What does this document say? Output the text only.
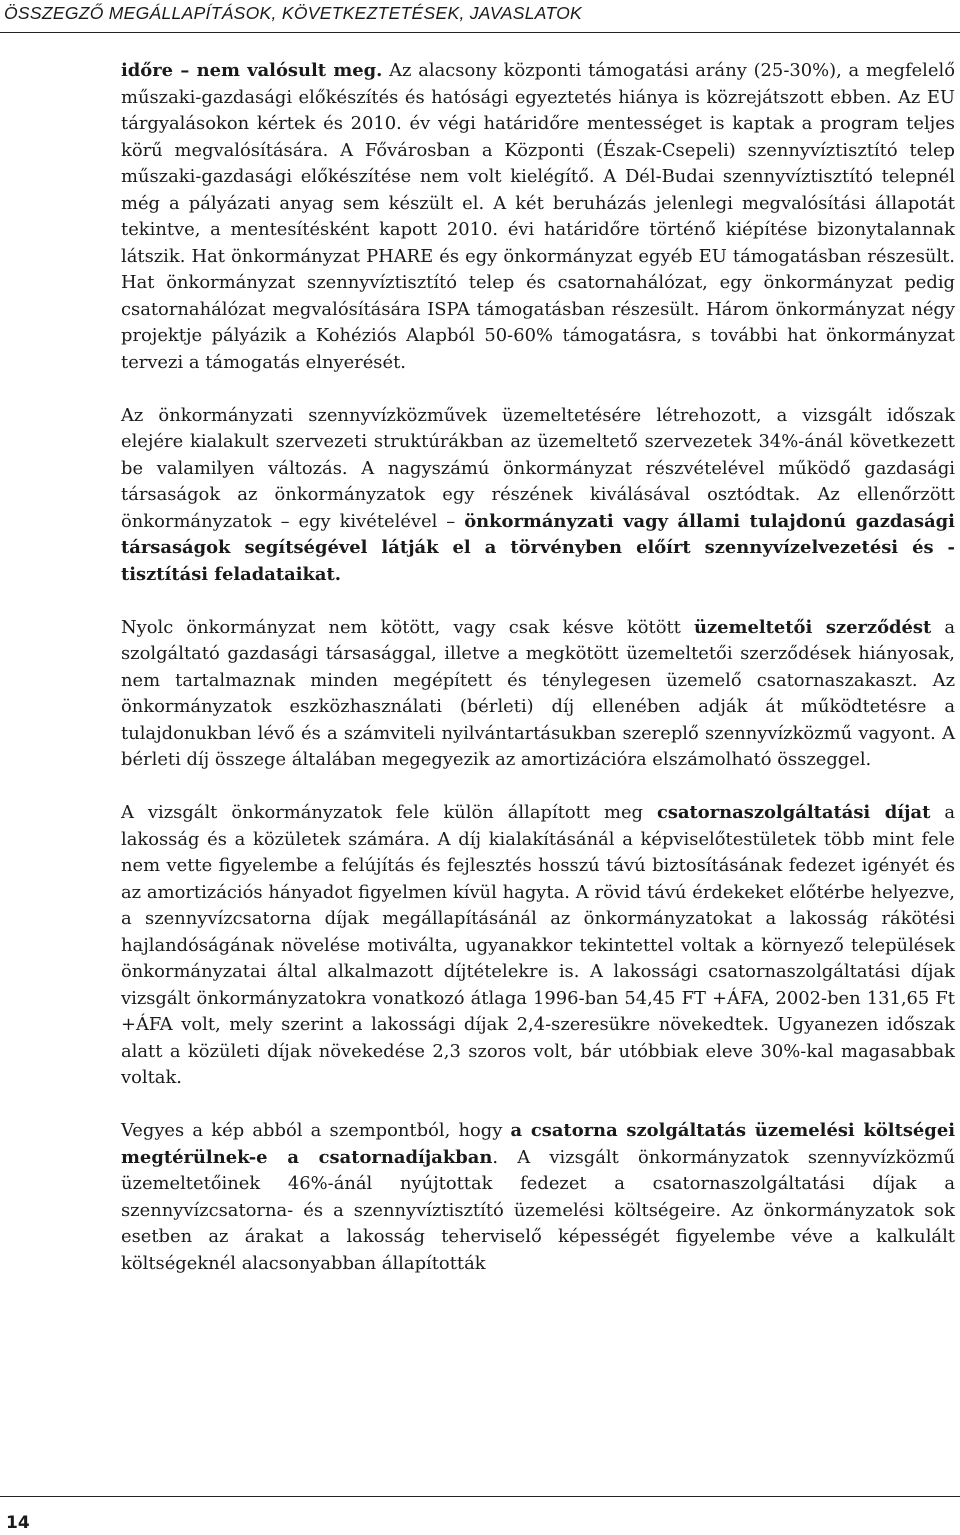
ÖSSZEGZŐ MEGÁLLAPÍTÁSOK, KÖVETKEZTETÉSEK, JAVASLATOK

időre – nem valósult meg. Az alacsony központi támogatási arány (25-30%), a megfelelő műszaki-gazdasági előkészítés és hatósági egyeztetés hiánya is közrejátszott ebben. Az EU tárgyalásokon kértek és 2010. év végi határidőre mentességet is kaptak a program teljes körű megvalósítására. A Fővárosban a Központi (Észak-Csepeli) szennyvíztisztító telep műszaki-gazdasági előkészítése nem volt kielégítő. A Dél-Budai szennyvíztisztító telepnél még a pályázati anyag sem készült el. A két beruházás jelenlegi megvalósítási állapotát tekintve, a mentesítésként kapott 2010. évi határidőre történő kiépítése bizonytalannak látszik. Hat önkormányzat PHARE és egy önkormányzat egyéb EU támogatásban részesült. Hat önkormányzat szennyvíztisztító telep és csatornahálózat, egy önkormányzat pedig csatornahálózat megvalósítására ISPA támogatásban részesült. Három önkormányzat négy projektje pályázik a Kohéziós Alapból 50-60% támogatásra, s további hat önkormányzat tervezi a támogatás elnyerését.

Az önkormányzati szennyvízközművek üzemeltetésére létrehozott, a vizsgált időszak elejére kialakult szervezeti struktúrákban az üzemeltető szervezetek 34%-ánál következett be valamilyen változás. A nagyszámú önkormányzat részvételével működő gazdasági társaságok az önkormányzatok egy részének kiválásával osztódtak. Az ellenőrzött önkormányzatok – egy kivételével – önkormányzati vagy állami tulajdonú gazdasági társaságok segítségével látják el a törvényben előírt szennyvízelvezetési és -tisztítási feladataikat.

Nyolc önkormányzat nem kötött, vagy csak késve kötött üzemeltetői szerződést a szolgáltató gazdasági társasággal, illetve a megkötött üzemeltetői szerződések hiányosak, nem tartalmaznak minden megépített és ténylegesen üzemelő csatornaszakaszt. Az önkormányzatok eszközhasználati (bérleti) díj ellenében adják át működtetésre a tulajdonukban lévő és a számviteli nyilvántartásukban szereplő szennyvízközmű vagyont. A bérleti díj összege általában megegyezik az amortizációra elszámolható összeggel.

A vizsgált önkormányzatok fele külön állapított meg csatornaszolgáltatási díjat a lakosság és a közületek számára. A díj kialakításánál a képviselőtestületek több mint fele nem vette figyelembe a felújítás és fejlesztés hosszú távú biztosításának fedezet igényét és az amortizációs hányadot figyelmen kívül hagyta. A rövid távú érdekeket előtérbe helyezve, a szennyvízcsatorna díjak megállapításánál az önkormányzatokat a lakosság rákötési hajlandóságának növelése motiválta, ugyanakkor tekintettel voltak a környező települések önkormányzatai által alkalmazott díjtételekre is. A lakossági csatornaszolgáltatási díjak vizsgált önkormányzatokra vonatkozó átlaga 1996-ban 54,45 FT +ÁFA, 2002-ben 131,65 Ft +ÁFA volt, mely szerint a lakossági díjak 2,4-szeresükre növekedtek. Ugyanezen időszak alatt a közületi díjak növekedése 2,3 szoros volt, bár utóbbiak eleve 30%-kal magasabbak voltak.

Vegyes a kép abból a szempontból, hogy a csatorna szolgáltatás üzemelési költségei megtérülnek-e a csatornadíjakban. A vizsgált önkormányzatok szennyvízközmű üzemeltetőinek 46%-ánál nyújtottak fedezet a csatornaszolgáltatási díjak a szennyvízcsatorna- és a szennyvíztisztító üzemelési költségeire. Az önkormányzatok sok esetben az árakat a lakosság teherviselő képességét figyelembe véve a kalkulált költségeknél alacsonyabban állapították

14
